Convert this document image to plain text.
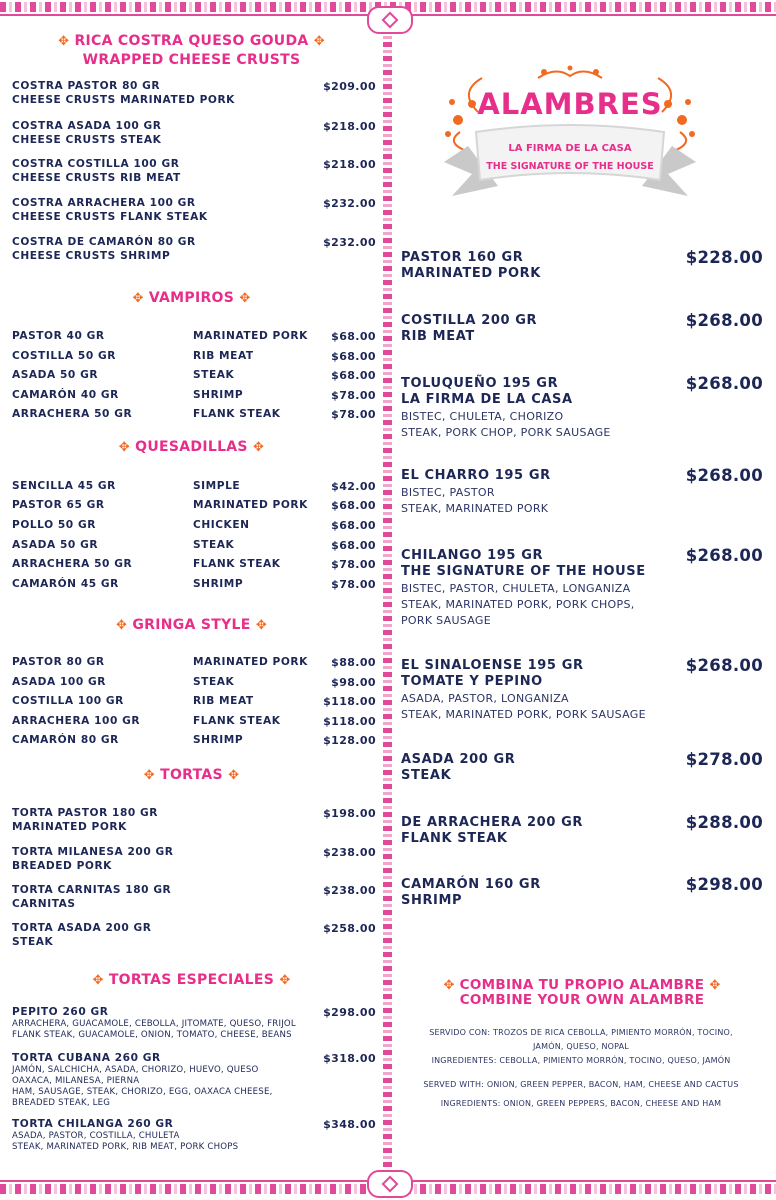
✥ RICA COSTRA QUESO GOUDA ✥
WRAPPED CHEESE CRUSTS
COSTRA PASTOR 80 GR
CHEESE CRUSTS MARINATED PORK
$209.00
COSTRA ASADA 100 GR
CHEESE CRUSTS STEAK
$218.00
COSTRA COSTILLA 100 GR
CHEESE CRUSTS RIB MEAT
$218.00
COSTRA ARRACHERA 100 GR
CHEESE CRUSTS FLANK STEAK
$232.00
COSTRA DE CAMARÓN 80 GR
CHEESE CRUSTS SHRIMP
$232.00
✥ VAMPIROS ✥
PASTOR 40 GR	MARINATED PORK	$68.00
COSTILLA 50 GR	RIB MEAT	$68.00
ASADA 50 GR	STEAK	$68.00
CAMARÓN 40 GR	SHRIMP	$78.00
ARRACHERA 50 GR	FLANK STEAK	$78.00
✥ QUESADILLAS ✥
SENCILLA 45 GR	SIMPLE	$42.00
PASTOR 65 GR	MARINATED PORK	$68.00
POLLO 50 GR	CHICKEN	$68.00
ASADA 50 GR	STEAK	$68.00
ARRACHERA 50 GR	FLANK STEAK	$78.00
CAMARÓN 45 GR	SHRIMP	$78.00
✥ GRINGA STYLE ✥
PASTOR 80 GR	MARINATED PORK	$88.00
ASADA 100 GR	STEAK	$98.00
COSTILLA 100 GR	RIB MEAT	$118.00
ARRACHERA 100 GR	FLANK STEAK	$118.00
CAMARÓN 80 GR	SHRIMP	$128.00
✥ TORTAS ✥
TORTA PASTOR 180 GR
MARINATED PORK
$198.00
TORTA MILANESA 200 GR
BREADED PORK
$238.00
TORTA CARNITAS 180 GR
CARNITAS
$238.00
TORTA ASADA 200 GR
STEAK
$258.00
✥ TORTAS ESPECIALES ✥
PEPITO 260 GR	$298.00
ARRACHERA, GUACAMOLE, CEBOLLA, JITOMATE, QUESO, FRIJOL
FLANK STEAK, GUACAMOLE, ONION, TOMATO, CHEESE, BEANS
TORTA CUBANA 260 GR	$318.00
JAMÓN, SALCHICHA, ASADA, CHORIZO, HUEVO, QUESO
OAXACA, MILANESA, PIERNA
HAM, SAUSAGE, STEAK, CHORIZO, EGG, OAXACA CHEESE,
BREADED STEAK, LEG
TORTA CHILANGA 260 GR	$348.00
ASADA, PASTOR, COSTILLA, CHULETA
STEAK, MARINATED PORK, RIB MEAT, PORK CHOPS
ALAMBRES
LA FIRMA DE LA CASA
THE SIGNATURE OF THE HOUSE
PASTOR 160 GR
MARINATED PORK
$228.00
COSTILLA 200 GR
RIB MEAT
$268.00
TOLUQUEÑO 195 GR
LA FIRMA DE LA CASA
$268.00
BISTEC, CHULETA, CHORIZO
STEAK, PORK CHOP, PORK SAUSAGE
EL CHARRO 195 GR	$268.00
BISTEC, PASTOR
STEAK, MARINATED PORK
CHILANGO 195 GR
THE SIGNATURE OF THE HOUSE
$268.00
BISTEC, PASTOR, CHULETA, LONGANIZA
STEAK, MARINATED PORK, PORK CHOPS,
PORK SAUSAGE
EL SINALOENSE 195 GR
TOMATE Y PEPINO
$268.00
ASADA, PASTOR, LONGANIZA
STEAK, MARINATED PORK, PORK SAUSAGE
ASADA 200 GR
STEAK
$278.00
DE ARRACHERA 200 GR
FLANK STEAK
$288.00
CAMARÓN 160 GR
SHRIMP
$298.00
✥ COMBINA TU PROPIO ALAMBRE ✥
COMBINE YOUR OWN ALAMBRE
SERVIDO CON: TROZOS DE RICA CEBOLLA, PIMIENTO MORRÓN, TOCINO,
JAMÓN, QUESO, NOPAL
INGREDIENTES: CEBOLLA, PIMIENTO MORRÓN, TOCINO, QUESO, JAMÓN
SERVED WITH: ONION, GREEN PEPPER, BACON, HAM, CHEESE AND CACTUS
INGREDIENTS: ONION, GREEN PEPPERS, BACON, CHEESE AND HAM
